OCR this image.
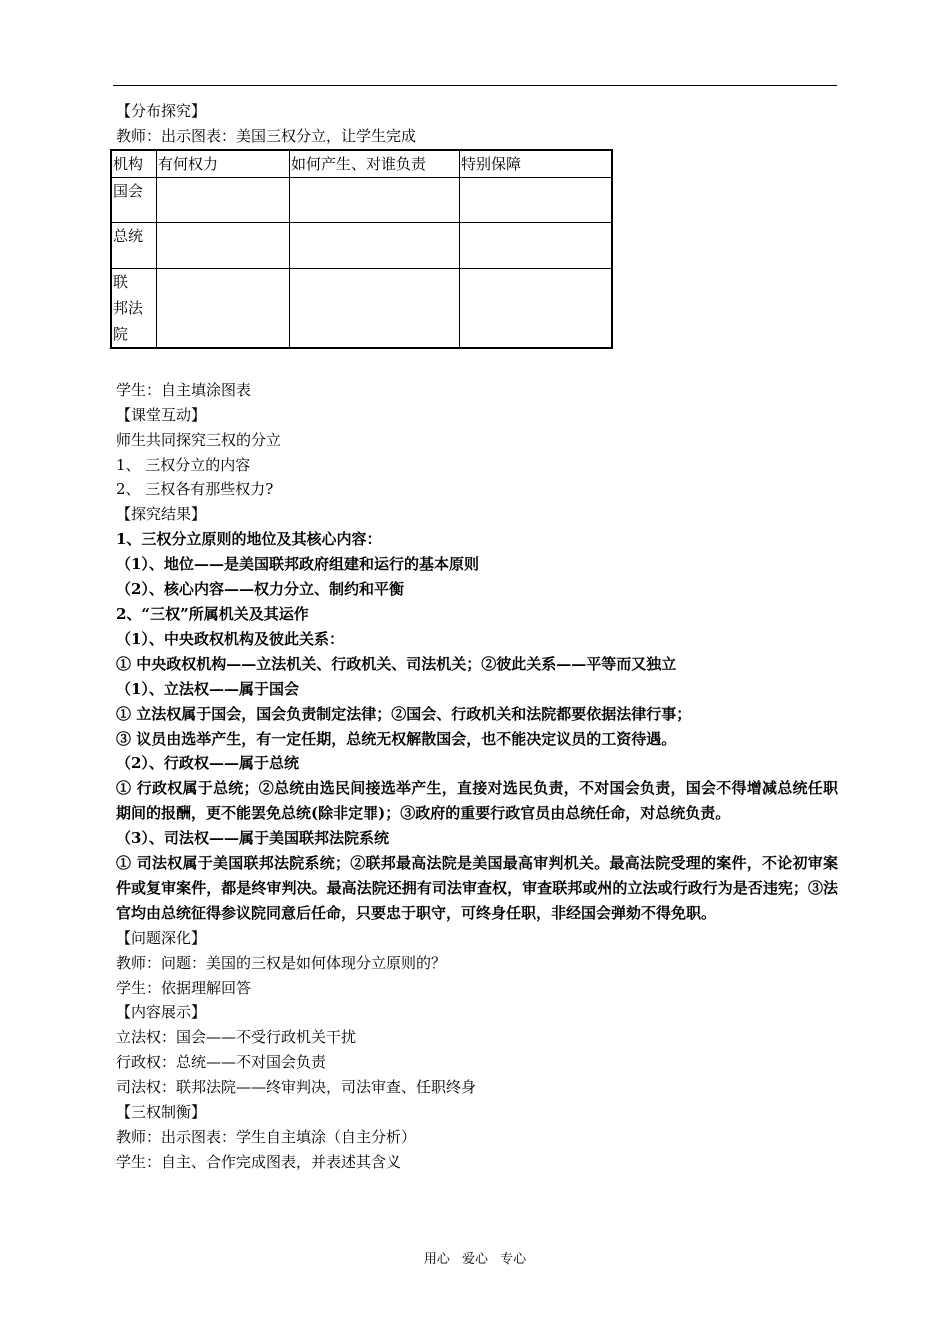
【分布探究】
教师：出示图表：美国三权分立，让学生完成
机构	有何权力	如何产生、对谁负责	特别保障
国会			
总统			
联　邦法院			
学生：自主填涂图表
【课堂互动】
师生共同探究三权的分立
1、 三权分立的内容
2、 三权各有那些权力?
【探究结果】
1、三权分立原则的地位及其核心内容：
（1）、地位——是美国联邦政府组建和运行的基本原则
（2）、核心内容——权力分立、制约和平衡
2、“三权”所属机关及其运作
（1）、中央政权机构及彼此关系：
① 中央政权机构——立法机关、行政机关、司法机关；②彼此关系——平等而又独立
（1）、立法权——属于国会
① 立法权属于国会，国会负责制定法律；②国会、行政机关和法院都要依据法律行事；
③ 议员由选举产生，有一定任期，总统无权解散国会，也不能决定议员的工资待遇。
（2）、行政权——属于总统
① 行政权属于总统；②总统由选民间接选举产生，直接对选民负责，不对国会负责，国会不得增减总统任职期间的报酬，更不能罢免总统(除非定罪)；③政府的重要行政官员由总统任命，对总统负责。
（3）、司法权——属于美国联邦法院系统
① 司法权属于美国联邦法院系统；②联邦最高法院是美国最高审判机关。最高法院受理的案件，不论初审案件或复审案件，都是终审判决。最高法院还拥有司法审查权，审查联邦或州的立法或行政行为是否违宪；③法官均由总统征得参议院同意后任命，只要忠于职守，可终身任职，非经国会弹劾不得免职。
【问题深化】
教师：问题：美国的三权是如何体现分立原则的？
学生：依据理解回答
【内容展示】
立法权：国会——不受行政机关干扰
行政权：总统——不对国会负责
司法权：联邦法院——终审判决，司法审查、任职终身
【三权制衡】
教师：出示图表：学生自主填涂（自主分析）
学生：自主、合作完成图表，并表述其含义
用心 爱心 专心
